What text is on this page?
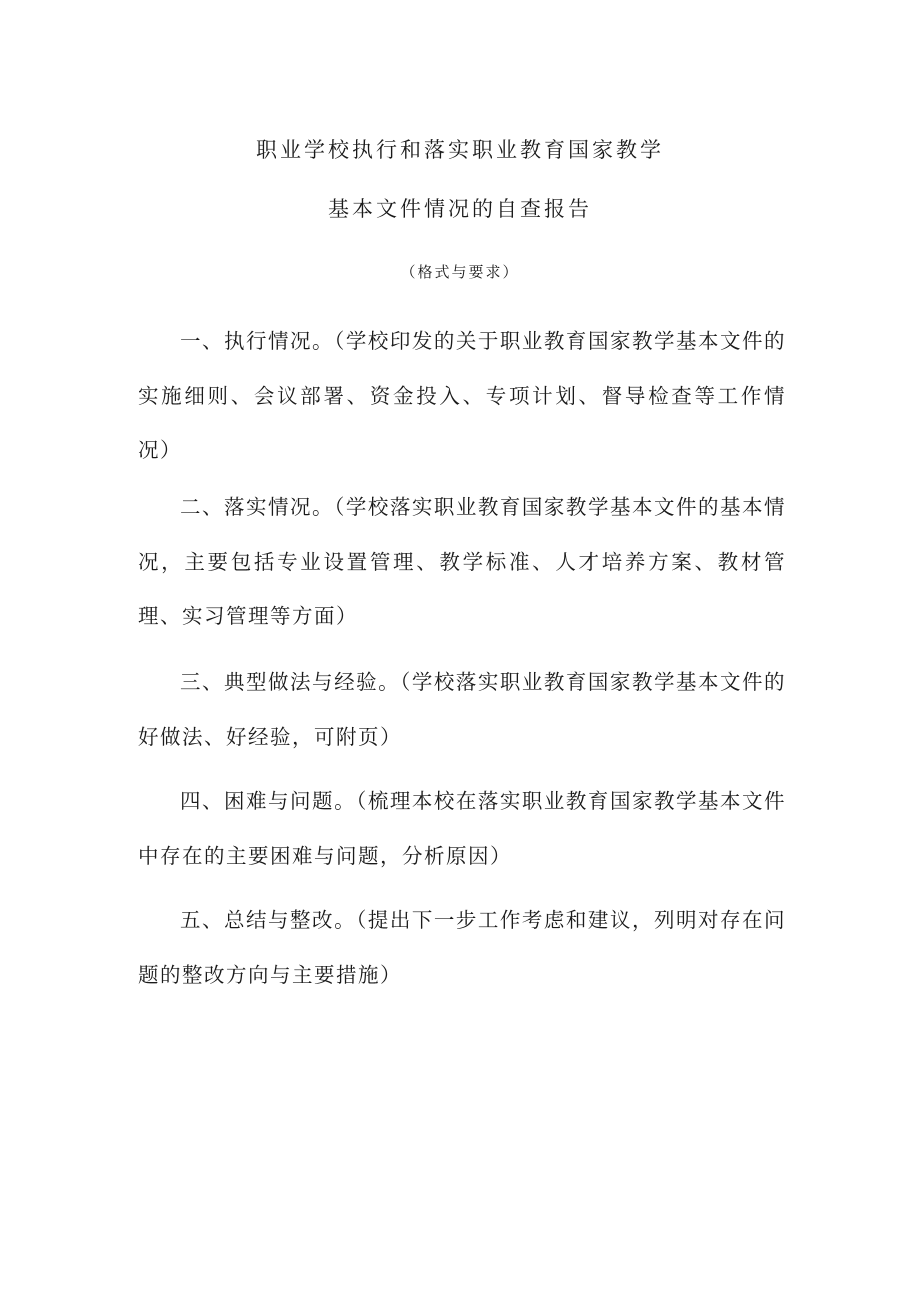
职业学校执行和落实职业教育国家教学
基本文件情况的自查报告
（格式与要求）
一、执行情况。（学校印发的关于职业教育国家教学基本文件的实施细则、会议部署、资金投入、专项计划、督导检查等工作情况）
二、落实情况。（学校落实职业教育国家教学基本文件的基本情况，主要包括专业设置管理、教学标准、人才培养方案、教材管理、实习管理等方面）
三、典型做法与经验。（学校落实职业教育国家教学基本文件的好做法、好经验，可附页）
四、困难与问题。（梳理本校在落实职业教育国家教学基本文件中存在的主要困难与问题，分析原因）
五、总结与整改。（提出下一步工作考虑和建议，列明对存在问题的整改方向与主要措施）
